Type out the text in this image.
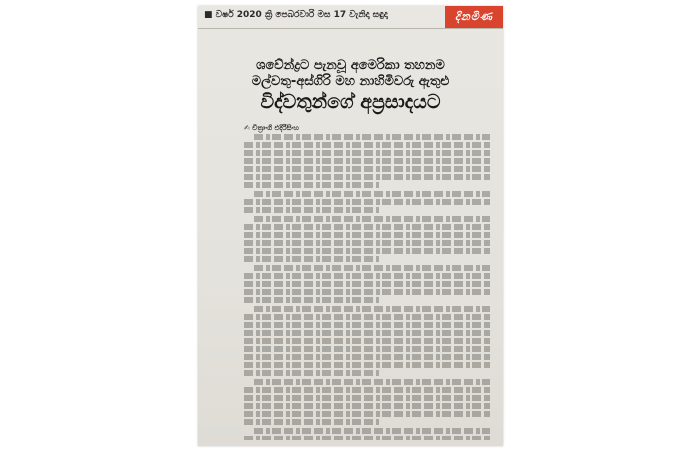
■ වර්ෂ 2020 ක්‍රි පෙබරවාරි මස 17 වැනිදා සඳුදා	දිනමිණ
ශවේන්ද්‍රට පැනවූ අමෙරිකා තහනම
මල්වතු-අස්ගිරි මහ නාහිමිවරු ඇතුළු
විද්වතුන්ගේ අප්‍රසාදයට
✍ චිත්‍රාංගි එදිරිසිංහ
